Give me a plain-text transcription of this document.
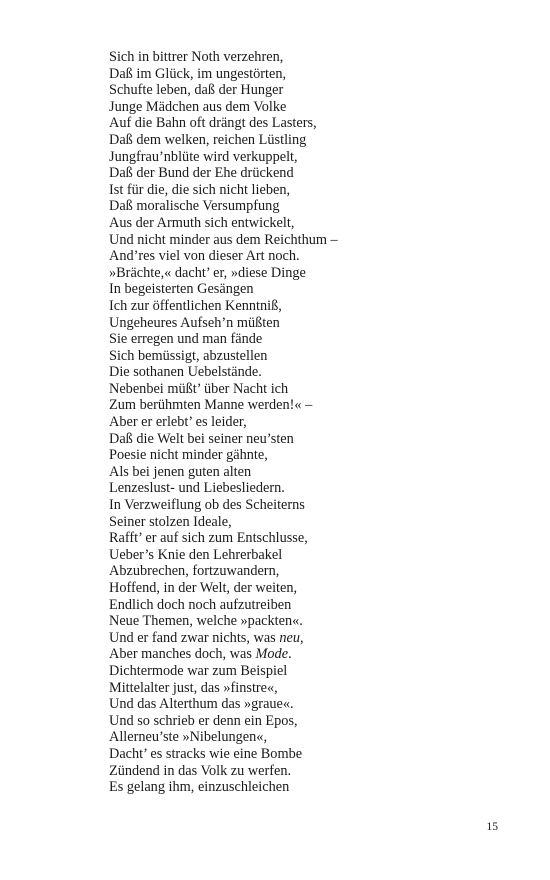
Sich in bittrer Noth verzehren,
Daß im Glück, im ungestörten,
Schufte leben, daß der Hunger
Junge Mädchen aus dem Volke
Auf die Bahn oft drängt des Lasters,
Daß dem welken, reichen Lüstling
Jungfrau’nblüte wird verkuppelt,
Daß der Bund der Ehe drückend
Ist für die, die sich nicht lieben,
Daß moralische Versumpfung
Aus der Armuth sich entwickelt,
Und nicht minder aus dem Reichthum –
And’res viel von dieser Art noch.
»Brächte,« dacht’ er, »diese Dinge
In begeisterten Gesängen
Ich zur öffentlichen Kenntniß,
Ungeheures Aufseh’n müßten
Sie erregen und man fände
Sich bemüssigt, abzustellen
Die sothanen Uebelstände.
Nebenbei müßt’ über Nacht ich
Zum berühmten Manne werden!« –
Aber er erlebt’ es leider,
Daß die Welt bei seiner neu’sten
Poesie nicht minder gähnte,
Als bei jenen guten alten
Lenzeslust- und Liebesliedern.
In Verzweiflung ob des Scheiterns
Seiner stolzen Ideale,
Rafft’ er auf sich zum Entschlusse,
Ueber’s Knie den Lehrerbakel
Abzubrechen, fortzuwandern,
Hoffend, in der Welt, der weiten,
Endlich doch noch aufzutreiben
Neue Themen, welche »packten«.
Und er fand zwar nichts, was neu,
Aber manches doch, was Mode.
Dichtermode war zum Beispiel
Mittelalter just, das »finstre«,
Und das Alterthum das »graue«.
Und so schrieb er denn ein Epos,
Allerneu’ste »Nibelungen«,
Dacht’ es stracks wie eine Bombe
Zündend in das Volk zu werfen.
Es gelang ihm, einzuschleichen
15
